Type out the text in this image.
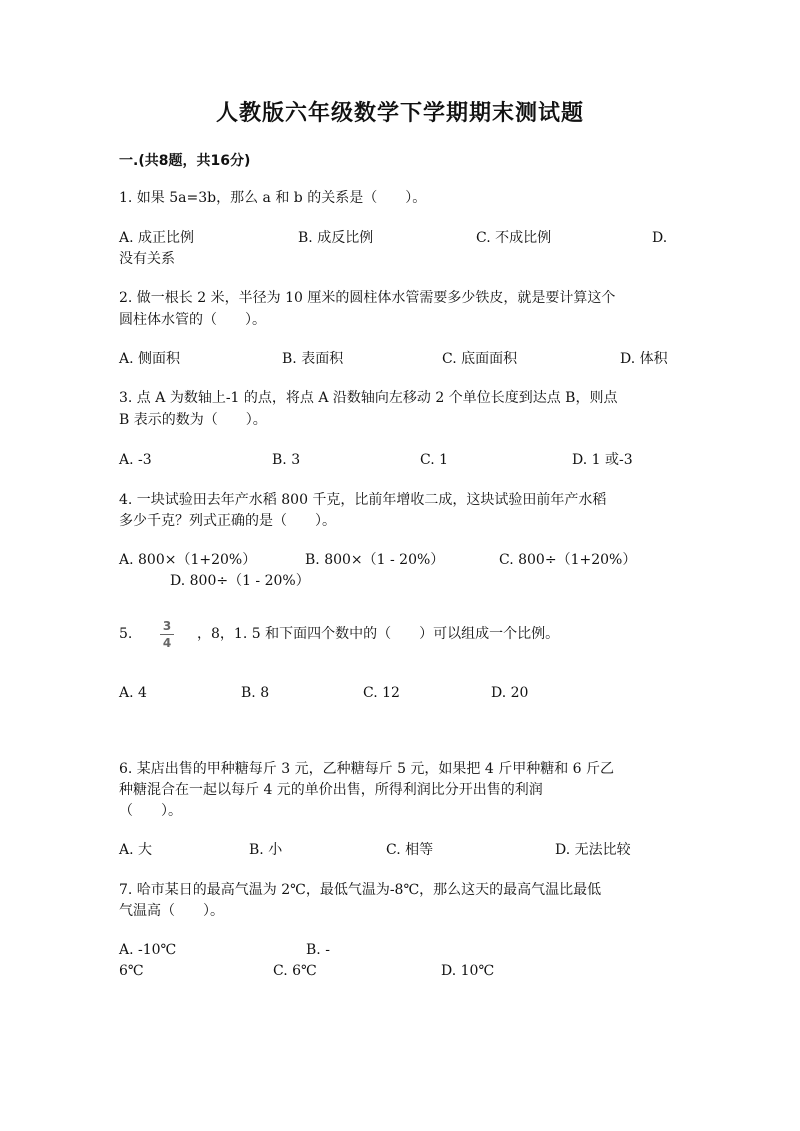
人教版六年级数学下学期期末测试题
一.(共8题，共16分)
1. 如果 5a=3b，那么 a 和 b 的关系是（　　）。
A. 成正比例	B. 成反比例	C. 不成比例	D.
没有关系
2. 做一根长 2 米，半径为 10 厘米的圆柱体水管需要多少铁皮，就是要计算这个
圆柱体水管的（　　）。
A. 侧面积	B. 表面积	C. 底面面积	D. 体积
3. 点 A 为数轴上-1 的点，将点 A 沿数轴向左移动 2 个单位长度到达点 B，则点
B 表示的数为（　　）。
A. -3	B. 3	C. 1	D. 1 或-3
4. 一块试验田去年产水稻 800 千克，比前年增收二成，这块试验田前年产水稻
多少千克？列式正确的是（　　）。
A. 800×（1+20%）	B. 800×（1 - 20%）	C. 800÷（1+20%）
D. 800÷（1 - 20%）
5.	3
4
，8，1. 5 和下面四个数中的（　　）可以组成一个比例。
A. 4	B. 8	C. 12	D. 20
6. 某店出售的甲种糖每斤 3 元，乙种糖每斤 5 元，如果把 4 斤甲种糖和 6 斤乙
种糖混合在一起以每斤 4 元的单价出售，所得利润比分开出售的利润
（　　）。
A. 大	B. 小	C. 相等	D. 无法比较
7. 哈市某日的最高气温为 2℃，最低气温为-8℃，那么这天的最高气温比最低
气温高（　　）。
A. -10℃	B. -
6℃	C. 6℃	D. 10℃
